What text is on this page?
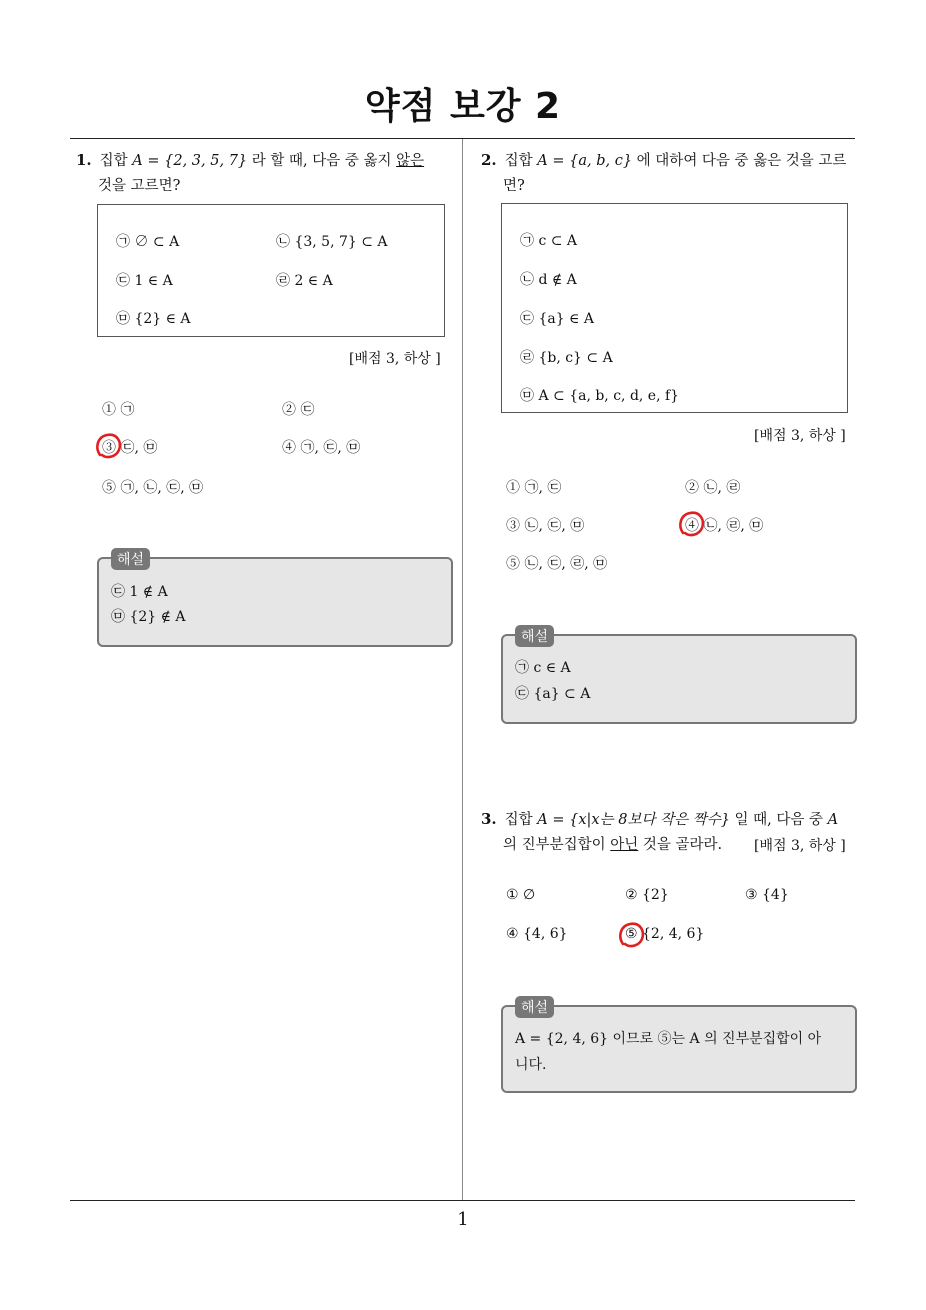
약점 보강 2
1. 집합 A = {2, 3, 5, 7} 라 할 때, 다음 중 옳지 않은
것을 고르면?
㉠ ∅ ⊂ A	㉡ {3, 5, 7} ⊂ A
㉢ 1 ∈ A	㉣ 2 ∈ A
㉤ {2} ∈ A
[배점 3, 하상 ]
① ㉠	② ㉢
③ ㉢, ㉤	④ ㉠, ㉢, ㉤
⑤ ㉠, ㉡, ㉢, ㉤
해설
㉢ 1 ∉ A
㉤ {2} ∉ A
2. 집합 A = {a, b, c} 에 대하여 다음 중 옳은 것을 고르
면?
㉠ c ⊂ A
㉡ d ∉ A
㉢ {a} ∈ A
㉣ {b, c} ⊂ A
㉤ A ⊂ {a, b, c, d, e, f}
[배점 3, 하상 ]
① ㉠, ㉢	② ㉡, ㉣
③ ㉡, ㉢, ㉤	④ ㉡, ㉣, ㉤
⑤ ㉡, ㉢, ㉣, ㉤
해설
㉠ c ∈ A
㉢ {a} ⊂ A
3. 집합 A = {x|x는 8보다 작은 짝수} 일 때, 다음 중 A
의 진부분집합이 아닌 것을 골라라. [배점 3, 하상 ]
① ∅	② {2}	③ {4}
④ {4, 6}	⑤ {2, 4, 6}
해설
A = {2, 4, 6} 이므로 ⑤는 A 의 진부분집합이 아
니다.
1
